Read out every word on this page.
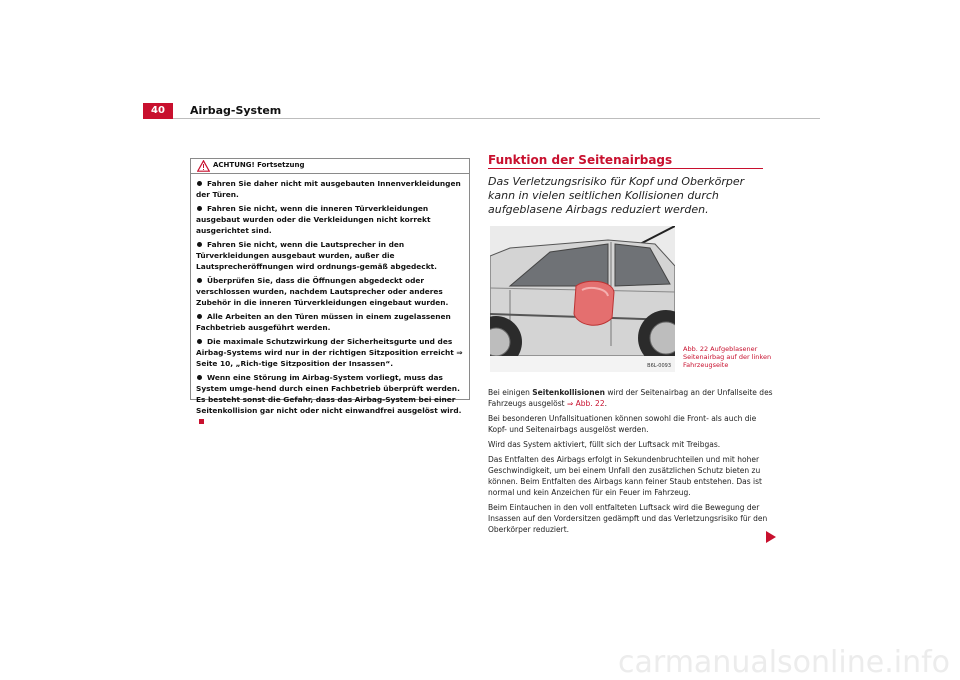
40	Airbag-System
ACHTUNG! Fortsetzung
Fahren Sie daher nicht mit ausgebauten Innenverkleidungen der Türen.
Fahren Sie nicht, wenn die inneren Türverkleidungen ausgebaut wurden oder die Verkleidungen nicht korrekt ausgerichtet sind.
Fahren Sie nicht, wenn die Lautsprecher in den Türverkleidungen ausgebaut wurden, außer die Lautsprecheröffnungen wird ordnungs-gemäß abgedeckt.
Überprüfen Sie, dass die Öffnungen abgedeckt oder verschlossen wurden, nachdem Lautsprecher oder anderes Zubehör in die inneren Türverkleidungen eingebaut wurden.
Alle Arbeiten an den Türen müssen in einem zugelassenen Fachbetrieb ausgeführt werden.
Die maximale Schutzwirkung der Sicherheitsgurte und des Airbag-Systems wird nur in der richtigen Sitzposition erreicht ⇒ Seite 10, „Rich-tige Sitzposition der Insassen“.
Wenn eine Störung im Airbag-System vorliegt, muss das System umge-hend durch einen Fachbetrieb überprüft werden. Es besteht sonst die Gefahr, dass das Airbag-System bei einer Seitenkollision gar nicht oder nicht einwandfrei ausgelöst wird.
Funktion der Seitenairbags

Das Verletzungsrisiko für Kopf und Oberkörper kann in vielen seitlichen Kollisionen durch aufgeblasene Airbags reduziert werden.

B6L-0093

Abb. 22 Aufgeblasener Seitenairbag auf der linken Fahrzeugseite

Bei einigen Seitenkollisionen wird der Seitenairbag an der Unfallseite des Fahrzeugs ausgelöst ⇒ Abb. 22.

Bei besonderen Unfallsituationen können sowohl die Front- als auch die Kopf- und Seitenairbags ausgelöst werden.

Wird das System aktiviert, füllt sich der Luftsack mit Treibgas.

Das Entfalten des Airbags erfolgt in Sekundenbruchteilen und mit hoher Geschwindigkeit, um bei einem Unfall den zusätzlichen Schutz bieten zu können. Beim Entfalten des Airbags kann feiner Staub entstehen. Das ist normal und kein Anzeichen für ein Feuer im Fahrzeug.

Beim Eintauchen in den voll entfalteten Luftsack wird die Bewegung der Insassen auf den Vordersitzen gedämpft und das Verletzungsrisiko für den Oberkörper reduziert.

carmanualsonline.info
